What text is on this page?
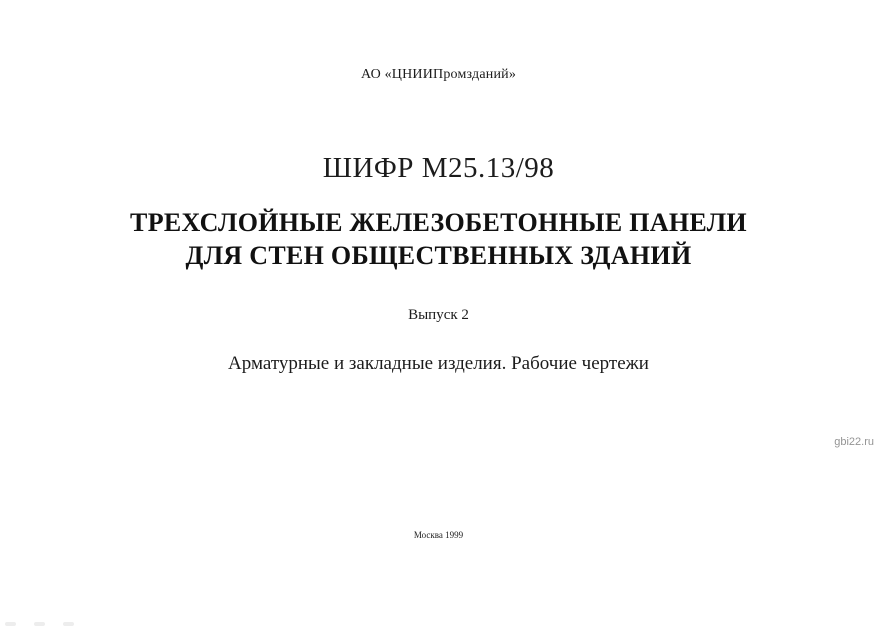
АО «ЦНИИПромзданий»
ШИФР М25.13/98
ТРЕХСЛОЙНЫЕ ЖЕЛЕЗОБЕТОННЫЕ ПАНЕЛИ
ДЛЯ СТЕН ОБЩЕСТВЕННЫХ ЗДАНИЙ
Выпуск 2
Арматурные и закладные изделия. Рабочие чертежи
gbi22.ru
Москва 1999
